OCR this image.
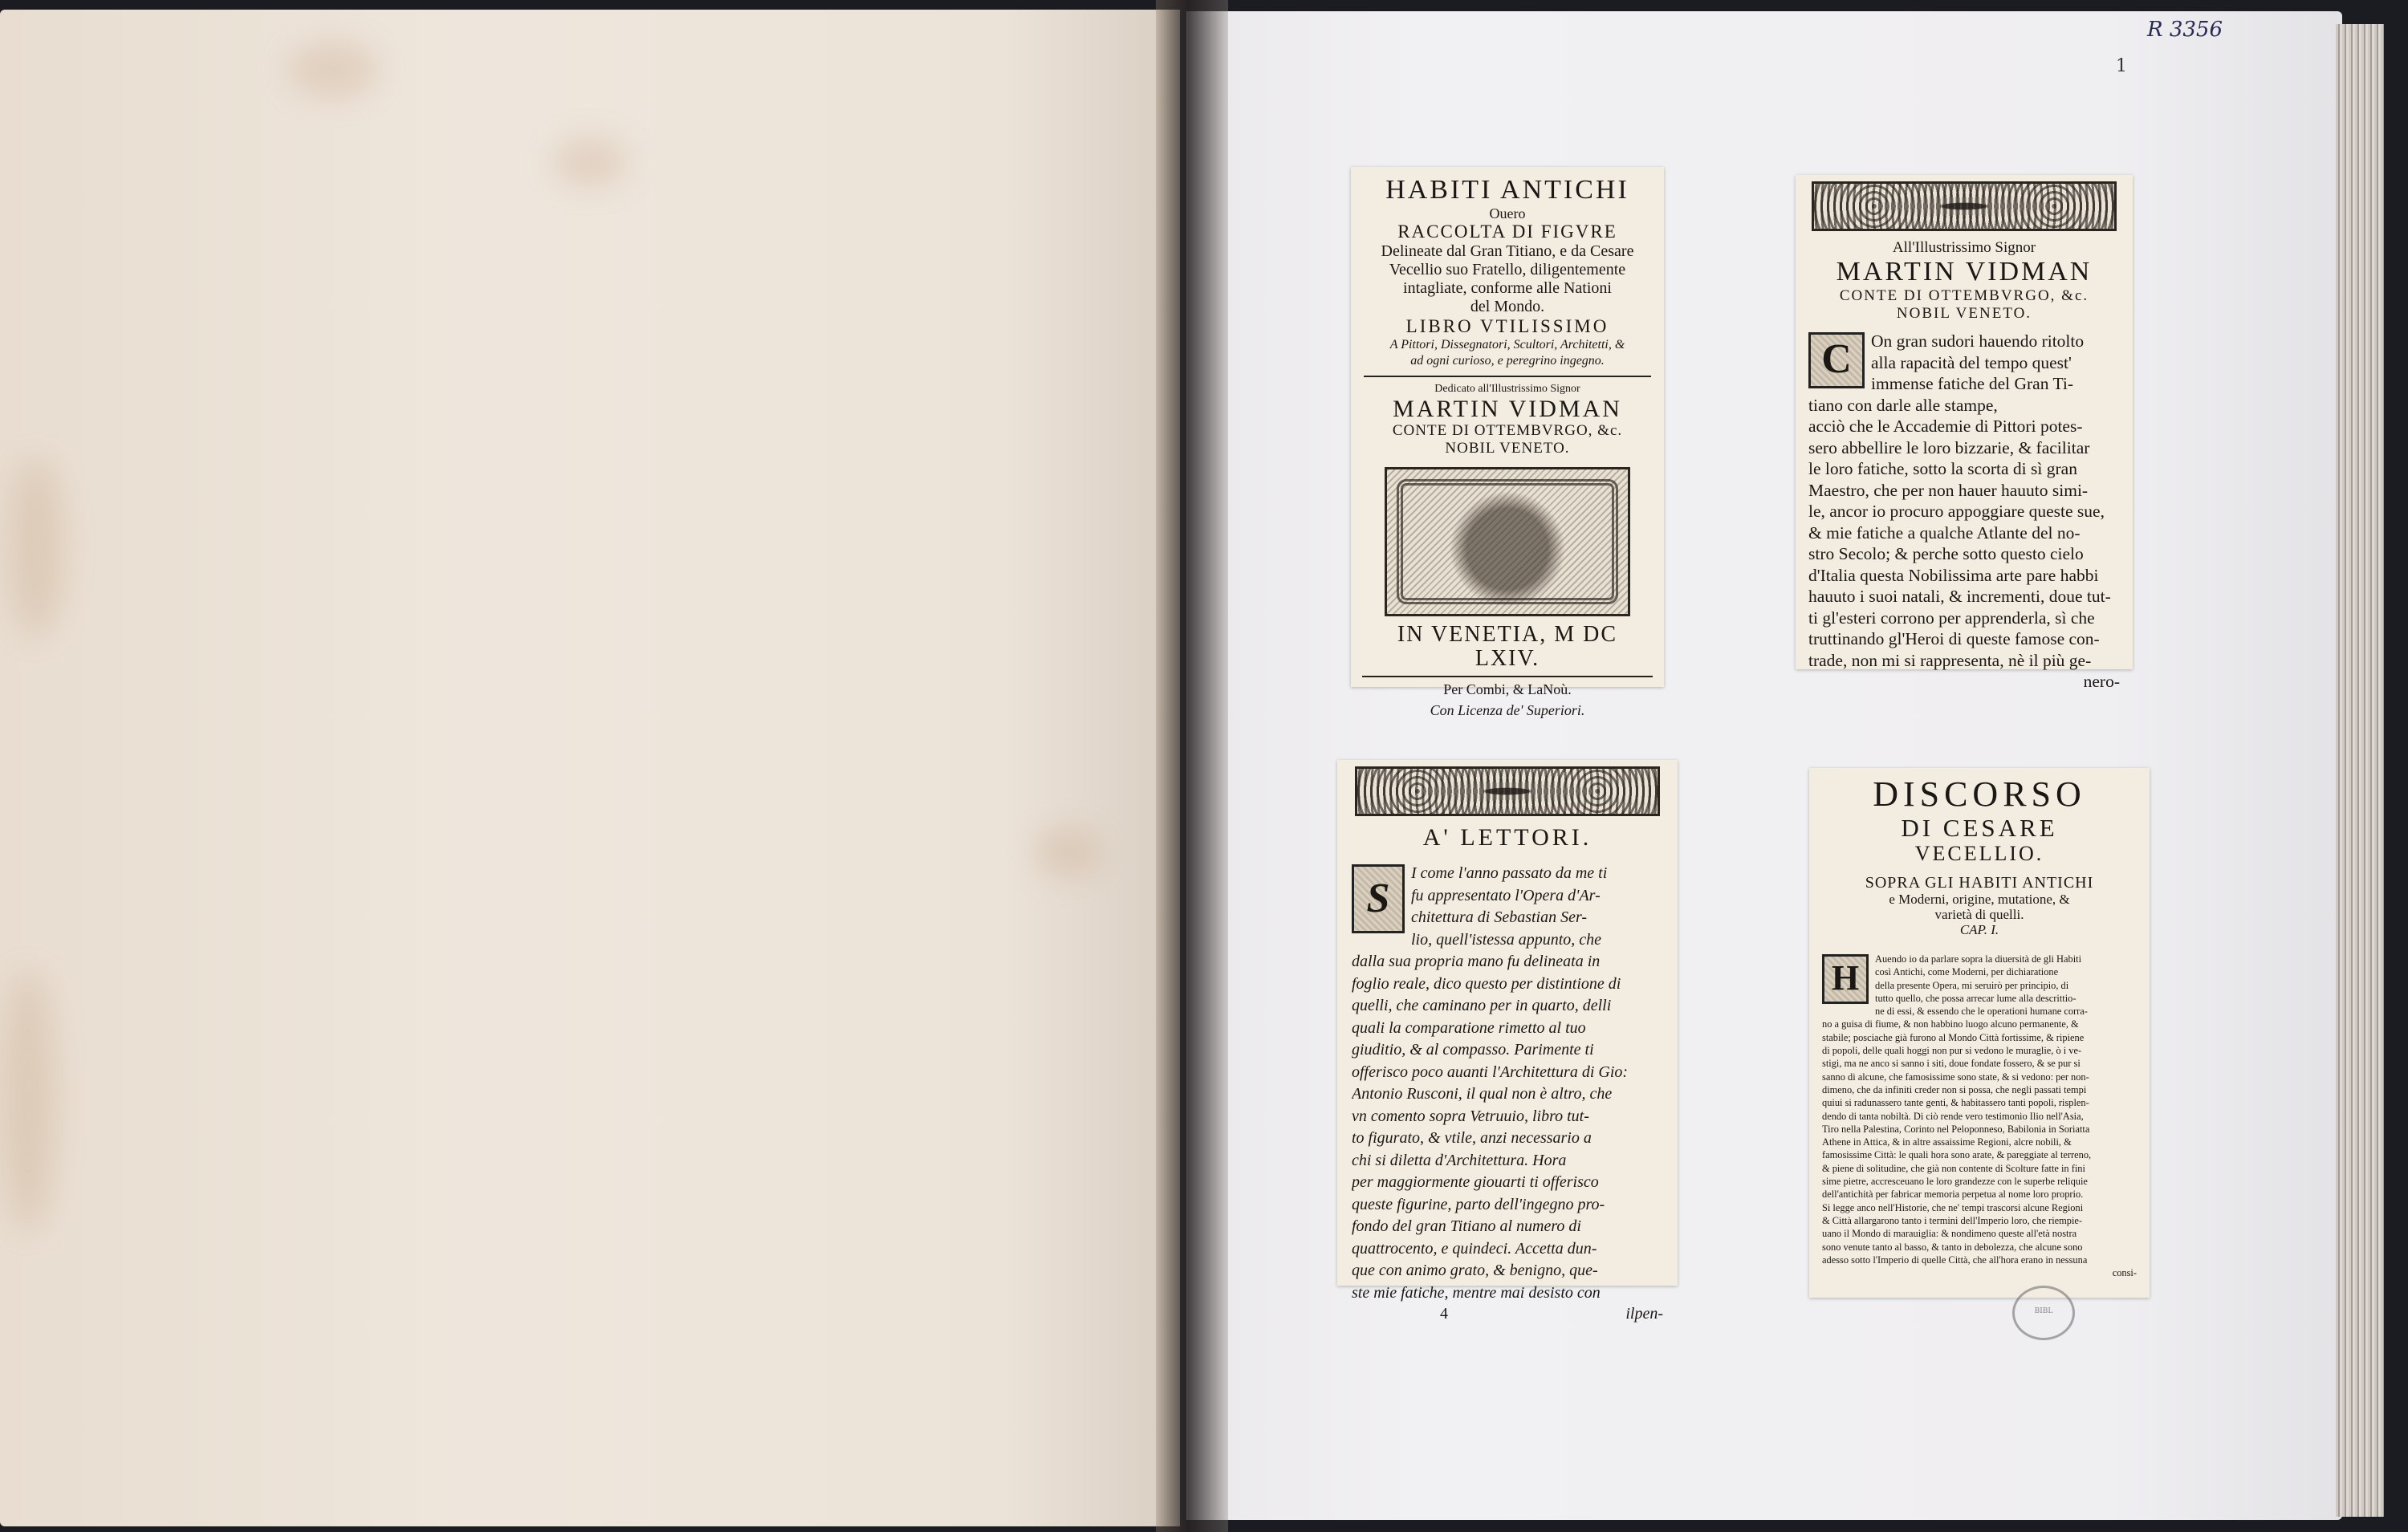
R 3356
1
HABITI ANTICHI
Ouero
RACCOLTA DI FIGVRE
Delineate dal Gran Titiano, e da Cesare
Vecellio suo Fratello, diligentemente
intagliate, conforme alle Nationi
del Mondo.
LIBRO VTILISSIMO
A Pittori, Dissegnatori, Scultori, Architetti, &
ad ogni curioso, e peregrino ingegno.
Dedicato all'Illustrissimo Signor
MARTIN VIDMAN
CONTE DI OTTEMBVRGO, &c.
NOBIL VENETO.
IN VENETIA, M DC LXIV.
Per Combi, & LaNoù.
Con Licenza de' Superiori.
All'Illustrissimo Signor
MARTIN VIDMAN
CONTE DI OTTEMBVRGO, &c.
NOBIL VENETO.
C	On gran sudori hauendo ritolto
alla rapacità del tempo quest'
immense fatiche del Gran Ti-
tiano con darle alle stampe,
acciò che le Accademie di Pittori potes-
sero abbellire le loro bizzarie, & facilitar
le loro fatiche, sotto la scorta di sì gran
Maestro, che per non hauer hauuto simi-
le, ancor io procuro appoggiare queste sue,
& mie fatiche a qualche Atlante del no-
stro Secolo; & perche sotto questo cielo
d'Italia questa Nobilissima arte pare habbi
hauuto i suoi natali, & incrementi, doue tut-
ti gl'esteri corrono per apprenderla, sì che
truttinando gl'Heroi di queste famose con-
trade, non mi si rappresenta, nè il più ge-
nero-
A' LETTORI.
S
I come l'anno passato da me ti
fu appresentato l'Opera d'Ar-
chitettura di Sebastian Ser-
lio, quell'istessa appunto, che
dalla sua propria mano fu delineata in
foglio reale, dico questo per distintione di
quelli, che caminano per in quarto, delli
quali la comparatione rimetto al tuo
giuditio, & al compasso. Parimente ti
offerisco poco auanti l'Architettura di Gio:
Antonio Rusconi, il qual non è altro, che
vn comento sopra Vetruuio, libro tut-
to figurato, & vtile, anzi necessario a
chi si diletta d'Architettura. Hora
per maggiormente giouarti ti offerisco
queste figurine, parto dell'ingegno pro-
fondo del gran Titiano al numero di
quattrocento, e quindeci. Accetta dun-
que con animo grato, & benigno, que-
ste mie fatiche, mentre mai desisto con
4	ilpen-
DISCORSO
DI CESARE
VECELLIO.
SOPRA GLI HABITI ANTICHI
e Moderni, origine, mutatione, &
varietà di quelli.
CAP. I.
H	Auendo io da parlare sopra la diuersità de gli Habiti
così Antichi, come Moderni, per dichiaratione
della presente Opera, mi seruirò per principio, di
tutto quello, che possa arrecar lume alla descrittio-
ne di essi, & essendo che le operationi humane corra-
no a guisa di fiume, & non habbino luogo alcuno permanente, &
stabile; posciache già furono al Mondo Città fortissime, & ripiene
di popoli, delle quali hoggi non pur si vedono le muraglie, ò i ve-
stigi, ma ne anco si sanno i siti, doue fondate fossero, & se pur si
sanno di alcune, che famosissime sono state, & si vedono: per non-
dimeno, che da infiniti creder non si possa, che negli passati tempi
quiui si radunassero tante genti, & habitassero tanti popoli, risplen-
dendo di tanta nobiltà. Di ciò rende vero testimonio Ilio nell'Asia,
Tiro nella Palestina, Corinto nel Peloponneso, Babilonia in Soriatta
Athene in Attica, & in altre assaissime Regioni, alcre nobili, &
famosissime Città: le quali hora sono arate, & pareggiate al terreno,
& piene di solitudine, che già non contente di Scolture fatte in fini
sime pietre, accresceuano le loro grandezze con le superbe reliquie
dell'antichità per fabricar memoria perpetua al nome loro proprio.
Si legge anco nell'Historie, che ne' tempi trascorsi alcune Regioni
& Città allargarono tanto i termini dell'Imperio loro, che riempie-
uano il Mondo di marauiglia: & nondimeno queste all'età nostra
sono venute tanto al basso, & tanto in debolezza, che alcune sono
adesso sotto l'Imperio di quelle Città, che all'hora erano in nessuna
consi-
BIBL
